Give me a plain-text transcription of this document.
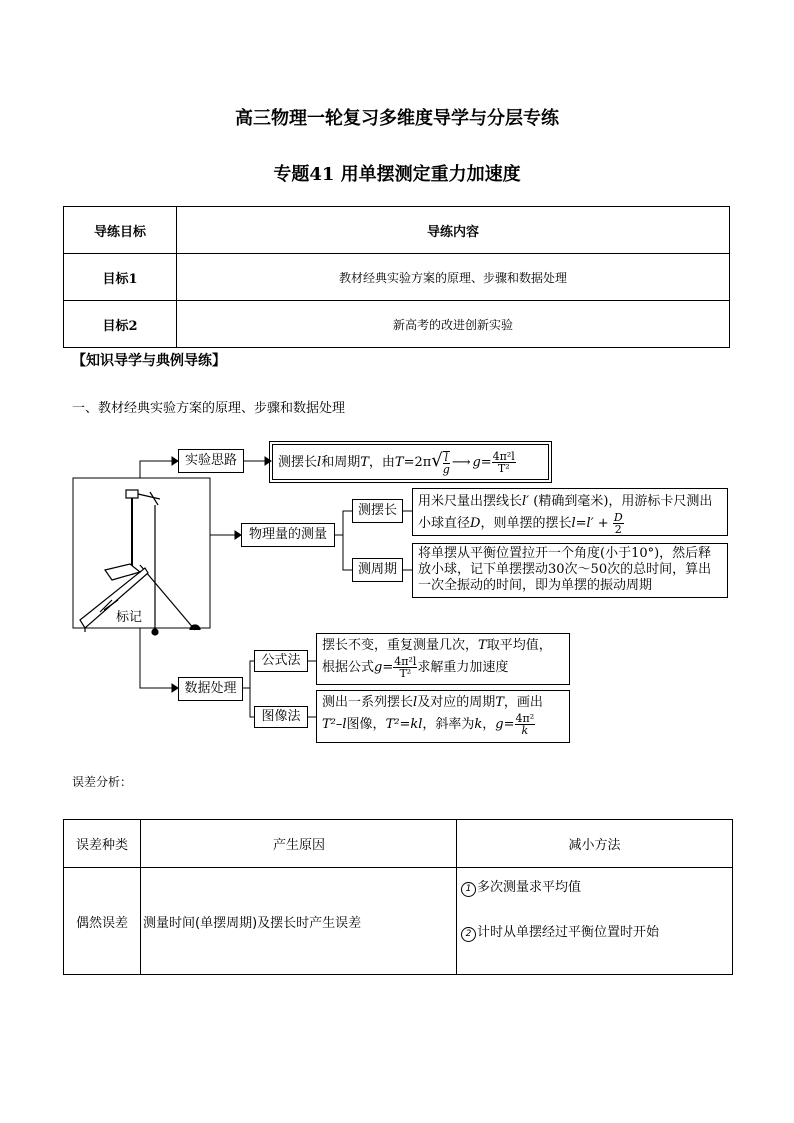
高三物理一轮复习多维度导学与分层专练
专题41 用单摆测定重力加速度
导练目标	导练内容
目标1	教材经典实验方案的原理、步骤和数据处理
目标2	新高考的改进创新实验
【知识导学与典例导练】
一、教材经典实验方案的原理、步骤和数据处理
实验思路	测摆长l和周期T，由$T=2\pi√ \frac{l}{g}$ ⟶ $g= \frac{\text{4π²l}}{\text{T²}}$
物理量的测量
测摆长
测周期
用米尺量出摆线长l′ (精确到毫米)，用游标卡尺测出小球直径D，则单摆的摆长$l=l' + \frac{D}{2}$
将单摆从平衡位置拉开一个角度(小于10°)，然后释放小球，记下单摆摆动30次～50次的总时间，算出一次全振动的时间，即为单摆的振动周期
标记
数据处理
公式法
图像法
摆长不变，重复测量几次，T取平均值，
根据公式$g= \frac{\text{4π²l}}{\text{T²}}$ 求解重力加速度
测出一系列摆长l及对应的周期T，画出
T²–l图像，T²=kl，斜率为k，$g= \frac{\text{4π²}}{k}$
误差分析：
误差种类	产生原因	减小方法
偶然误差	测量时间(单摆周期)及摆长时产生误差	1 多次测量求平均值
2 计时从单摆经过平衡位置时开始
